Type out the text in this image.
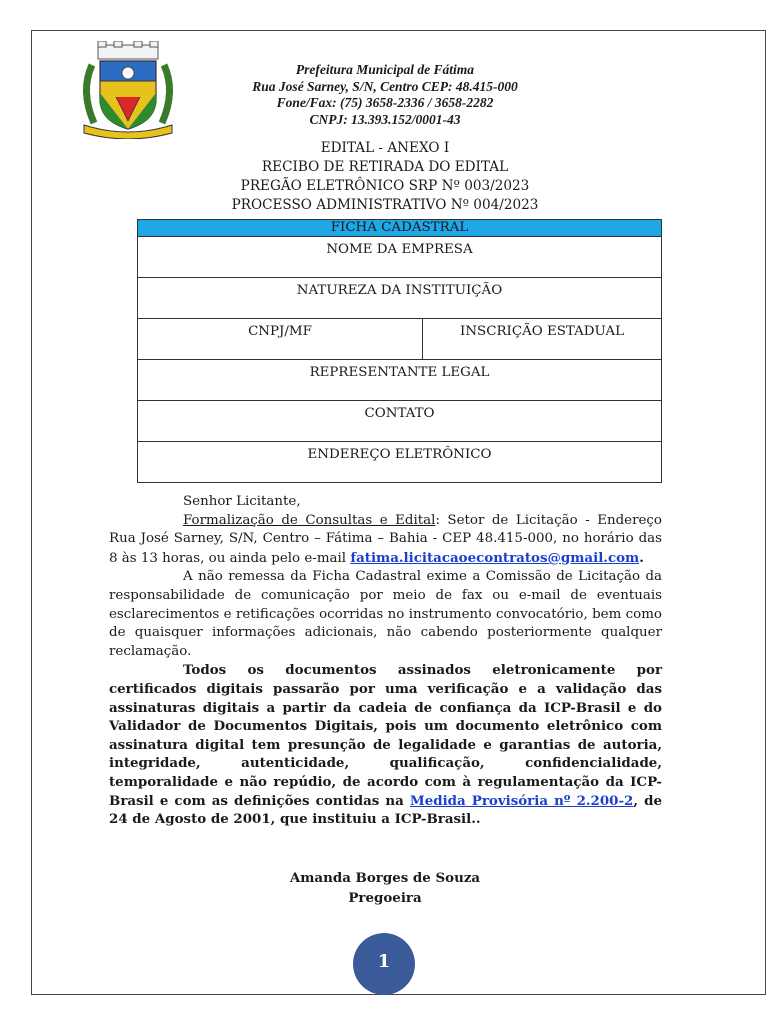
Prefeitura Municipal de Fátima
Rua José Sarney, S/N, Centro CEP: 48.415-000
Fone/Fax: (75) 3658-2336 / 3658-2282
CNPJ: 13.393.152/0001-43
EDITAL - ANEXO I
RECIBO DE RETIRADA DO EDITAL
PREGÃO ELETRÔNICO SRP Nº 003/2023
PROCESSO ADMINISTRATIVO Nº 004/2023
FICHA CADASTRAL

NOME DA EMPRESA

NATUREZA DA INSTITUIÇÃO

CNPJ/MF	INSCRIÇÃO ESTADUAL

REPRESENTANTE LEGAL

CONTATO

ENDEREÇO ELETRÔNICO

Senhor Licitante,

Formalização de Consultas e Edital: Setor de Licitação - Endereço Rua José Sarney, S/N, Centro – Fátima – Bahia - CEP 48.415-000, no horário das 8 às 13 horas, ou ainda pelo e-mail fatima.licitacaoecontratos@gmail.com.

A não remessa da Ficha Cadastral exime a Comissão de Licitação da responsabilidade de comunicação por meio de fax ou e-mail de eventuais esclarecimentos e retificações ocorridas no instrumento convocatório, bem como de quaisquer informações adicionais, não cabendo posteriormente qualquer reclamação.

Todos os documentos assinados eletronicamente por certificados digitais passarão por uma verificação e a validação das assinaturas digitais a partir da cadeia de confiança da ICP-Brasil e do Validador de Documentos Digitais, pois um documento eletrônico com assinatura digital tem presunção de legalidade e garantias de autoria, integridade, autenticidade, qualificação, confidencialidade, temporalidade e não repúdio, de acordo com à regulamentação da ICP-Brasil e com as definições contidas na Medida Provisória nº 2.200-2, de 24 de Agosto de 2001, que instituiu a ICP-Brasil..

Amanda Borges de Souza
Pregoeira
1
